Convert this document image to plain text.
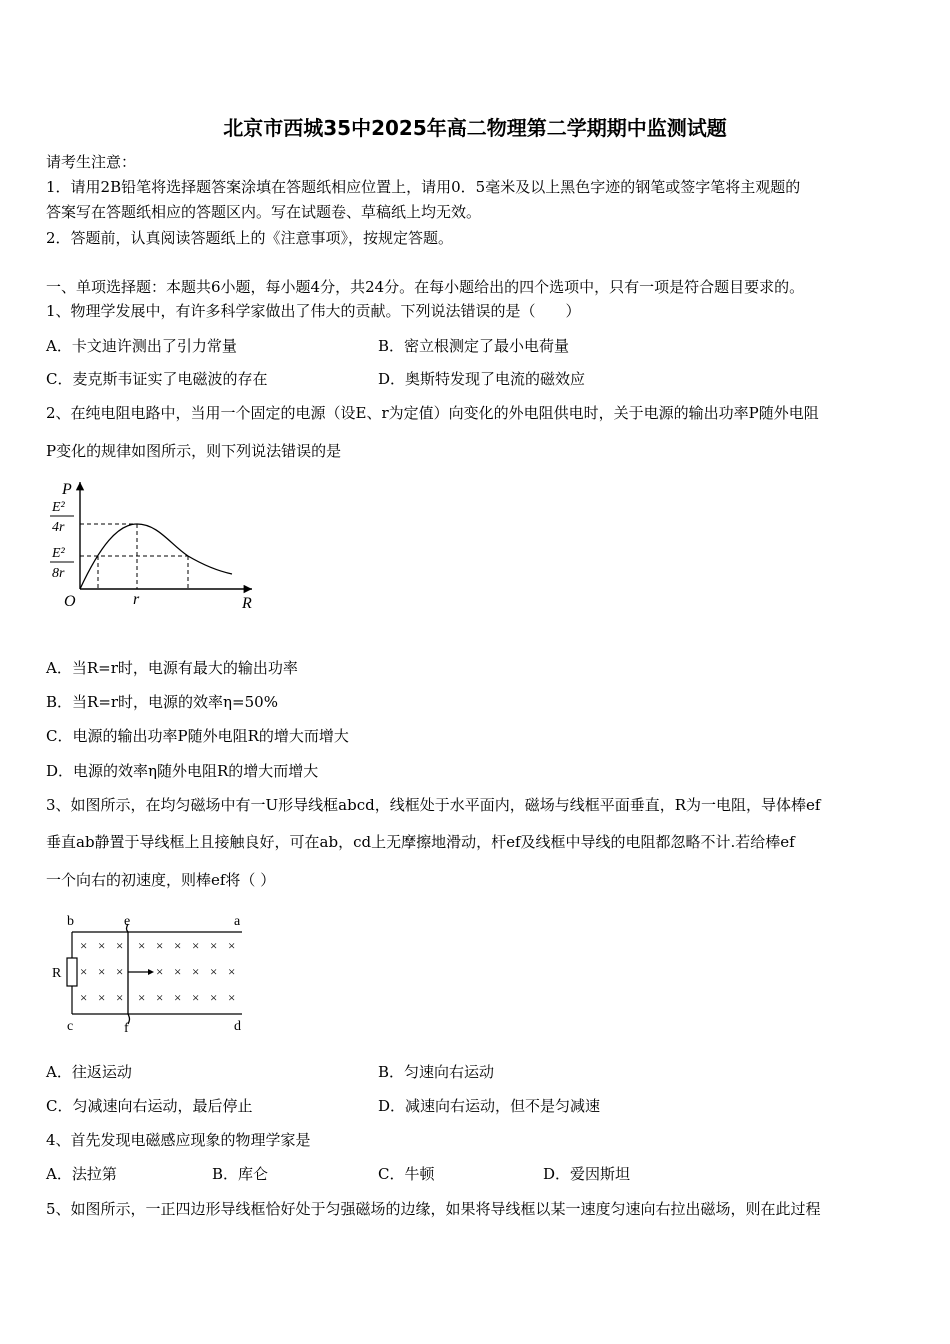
北京市西城35中2025年高二物理第二学期期中监测试题
请考生注意：
1．请用2B铅笔将选择题答案涂填在答题纸相应位置上，请用0．5毫米及以上黑色字迹的钢笔或签字笔将主观题的
答案写在答题纸相应的答题区内。写在试题卷、草稿纸上均无效。
2．答题前，认真阅读答题纸上的《注意事项》，按规定答题。
一、单项选择题：本题共6小题，每小题4分，共24分。在每小题给出的四个选项中，只有一项是符合题目要求的。
1、物理学发展中，有许多科学家做出了伟大的贡献。下列说法错误的是（　　）
A．卡文迪许测出了引力常量	B．密立根测定了最小电荷量
C．麦克斯韦证实了电磁波的存在	D．奥斯特发现了电流的磁效应
2、在纯电阻电路中，当用一个固定的电源（设E、r为定值）向变化的外电阻供电时，关于电源的输出功率P随外电阻
P变化的规律如图所示，则下列说法错误的是
P
R
O	r
E²
4r
E²
8r
A．当R=r时，电源有最大的输出功率
B．当R=r时，电源的效率η=50%
C．电源的输出功率P随外电阻R的增大而增大
D．电源的效率η随外电阻R的增大而增大
3、如图所示，在均匀磁场中有一U形导线框abcd，线框处于水平面内，磁场与线框平面垂直，R为一电阻，导体棒ef
垂直ab静置于导线框上且接触良好，可在ab，cd上无摩擦地滑动，杆ef及线框中导线的电阻都忽略不计.若给棒ef
一个向右的初速度，则棒ef将（ ）
b	e	a
c	f	d
R
× × × × × × × × ×
× × ×	× × × × ×
× × × × × × × × ×
A．往返运动	B．匀速向右运动
C．匀减速向右运动，最后停止	D．减速向右运动，但不是匀减速
4、首先发现电磁感应现象的物理学家是
A．法拉第	B．库仑	C．牛顿	D．爱因斯坦
5、如图所示，一正四边形导线框恰好处于匀强磁场的边缘，如果将导线框以某一速度匀速向右拉出磁场，则在此过程
